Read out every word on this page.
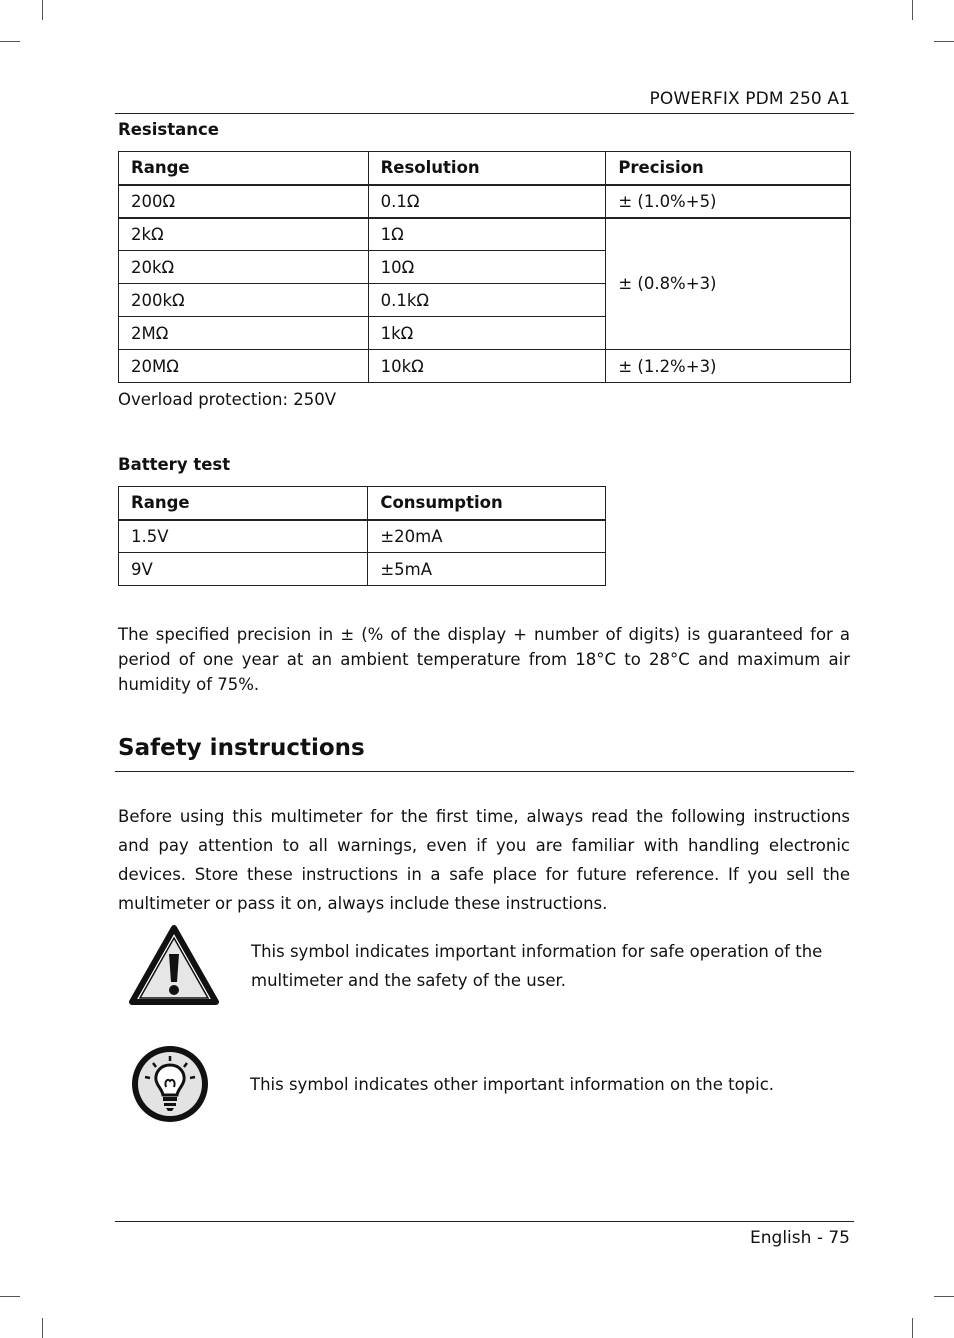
POWERFIX PDM 250 A1
Resistance
Range	Resolution	Precision
200Ω	0.1Ω	± (1.0%+5)
2kΩ	1Ω	± (0.8%+3)
20kΩ	10Ω	
200kΩ	0.1kΩ	
2MΩ	1kΩ	
20MΩ	10kΩ	± (1.2%+3)
Overload protection: 250V
Battery test
Range	Consumption
1.5V	±20mA
9V	±5mA
The specified precision in ± (% of the display + number of digits) is guaranteed for a period of one year at an ambient temperature from 18°C to 28°C and maximum air humidity of 75%.
Safety instructions
Before using this multimeter for the first time, always read the following instructions and pay attention to all warnings, even if you are familiar with handling electronic devices. Store these instructions in a safe place for future reference. If you sell the multimeter or pass it on, always include these instructions.
This symbol indicates important information for safe operation of the
multimeter and the safety of the user.
This symbol indicates other important information on the topic.
English - 75
